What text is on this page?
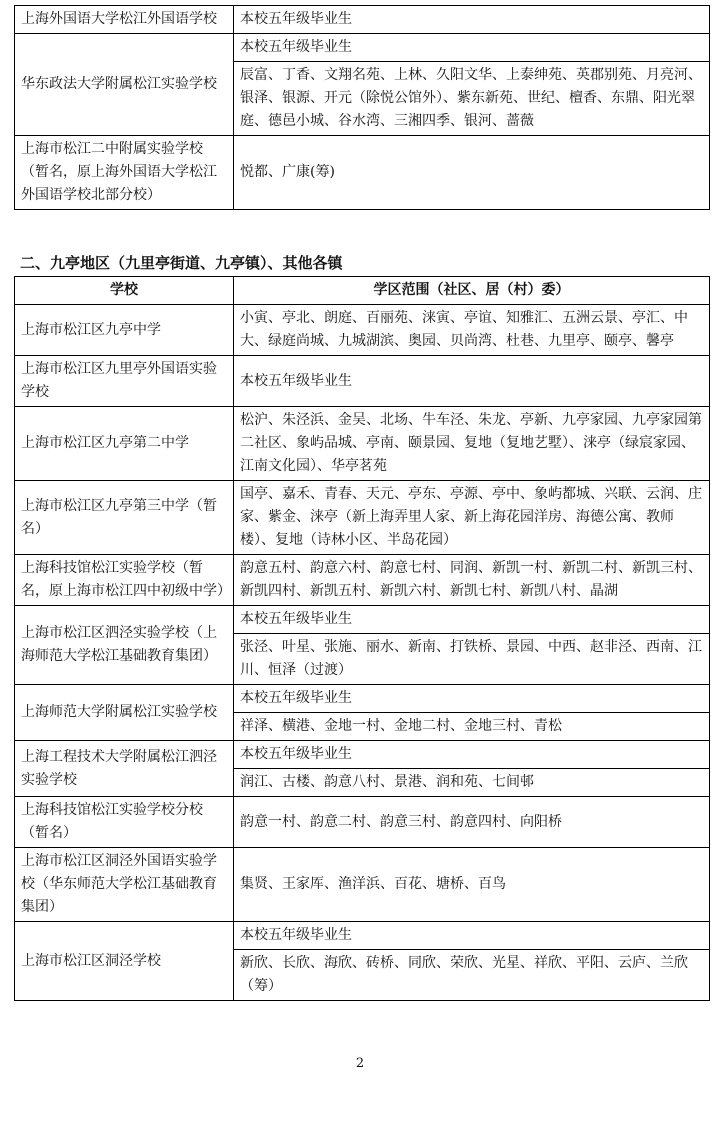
上海外国语大学松江外国语学校	本校五年级毕业生
华东政法大学附属松江实验学校	本校五年级毕业生
	辰富、丁香、文翔名苑、上林、久阳文华、上泰绅苑、英郡别苑、月亮河、银泽、银源、开元（除悦公馆外）、紫东新苑、世纪、檀香、东鼎、阳光翠庭、德邑小城、谷水湾、三湘四季、银河、蔷薇
上海市松江二中附属实验学校（暂名，原上海外国语大学松江外国语学校北部分校）	悦都、广康(筹)
二、九亭地区（九里亭街道、九亭镇）、其他各镇
学校	学区范围（社区、居（村）委）
上海市松江区九亭中学	小寅、亭北、朗庭、百丽苑、涞寅、亭谊、知雅汇、五洲云景、亭汇、中大、绿庭尚城、九城湖滨、奥园、贝尚湾、杜巷、九里亭、颐亭、馨亭
上海市松江区九里亭外国语实验学校	本校五年级毕业生
上海市松江区九亭第二中学	松沪、朱泾浜、金吴、北场、牛车泾、朱龙、亭新、九亭家园、九亭家园第二社区、象屿品城、亭南、颐景园、复地（复地艺墅）、涞亭（绿宸家园、江南文化园）、华亭茗苑
上海市松江区九亭第三中学（暂名）	国亭、嘉禾、青春、天元、亭东、亭源、亭中、象屿都城、兴联、云润、庄家、紫金、涞亭（新上海弄里人家、新上海花园洋房、海德公寓、教师楼）、复地（诗林小区、半岛花园）
上海科技馆松江实验学校（暂名，原上海市松江四中初级中学）	韵意五村、韵意六村、韵意七村、同润、新凯一村、新凯二村、新凯三村、新凯四村、新凯五村、新凯六村、新凯七村、新凯八村、晶湖
上海市松江区泗泾实验学校（上海师范大学松江基础教育集团）	本校五年级毕业生
	张泾、叶星、张施、丽水、新南、打铁桥、景园、中西、赵非泾、西南、江川、恒泽（过渡）
上海师范大学附属松江实验学校	本校五年级毕业生
	祥泽、横港、金地一村、金地二村、金地三村、青松
上海工程技术大学附属松江泗泾实验学校	本校五年级毕业生
	润江、古楼、韵意八村、景港、润和苑、七间邨
上海科技馆松江实验学校分校（暂名）	韵意一村、韵意二村、韵意三村、韵意四村、向阳桥
上海市松江区洞泾外国语实验学校（华东师范大学松江基础教育集团）	集贤、王家厍、渔洋浜、百花、塘桥、百鸟
上海市松江区洞泾学校	本校五年级毕业生
	新欣、长欣、海欣、砖桥、同欣、荣欣、光星、祥欣、平阳、云庐、兰欣（筹）
2
